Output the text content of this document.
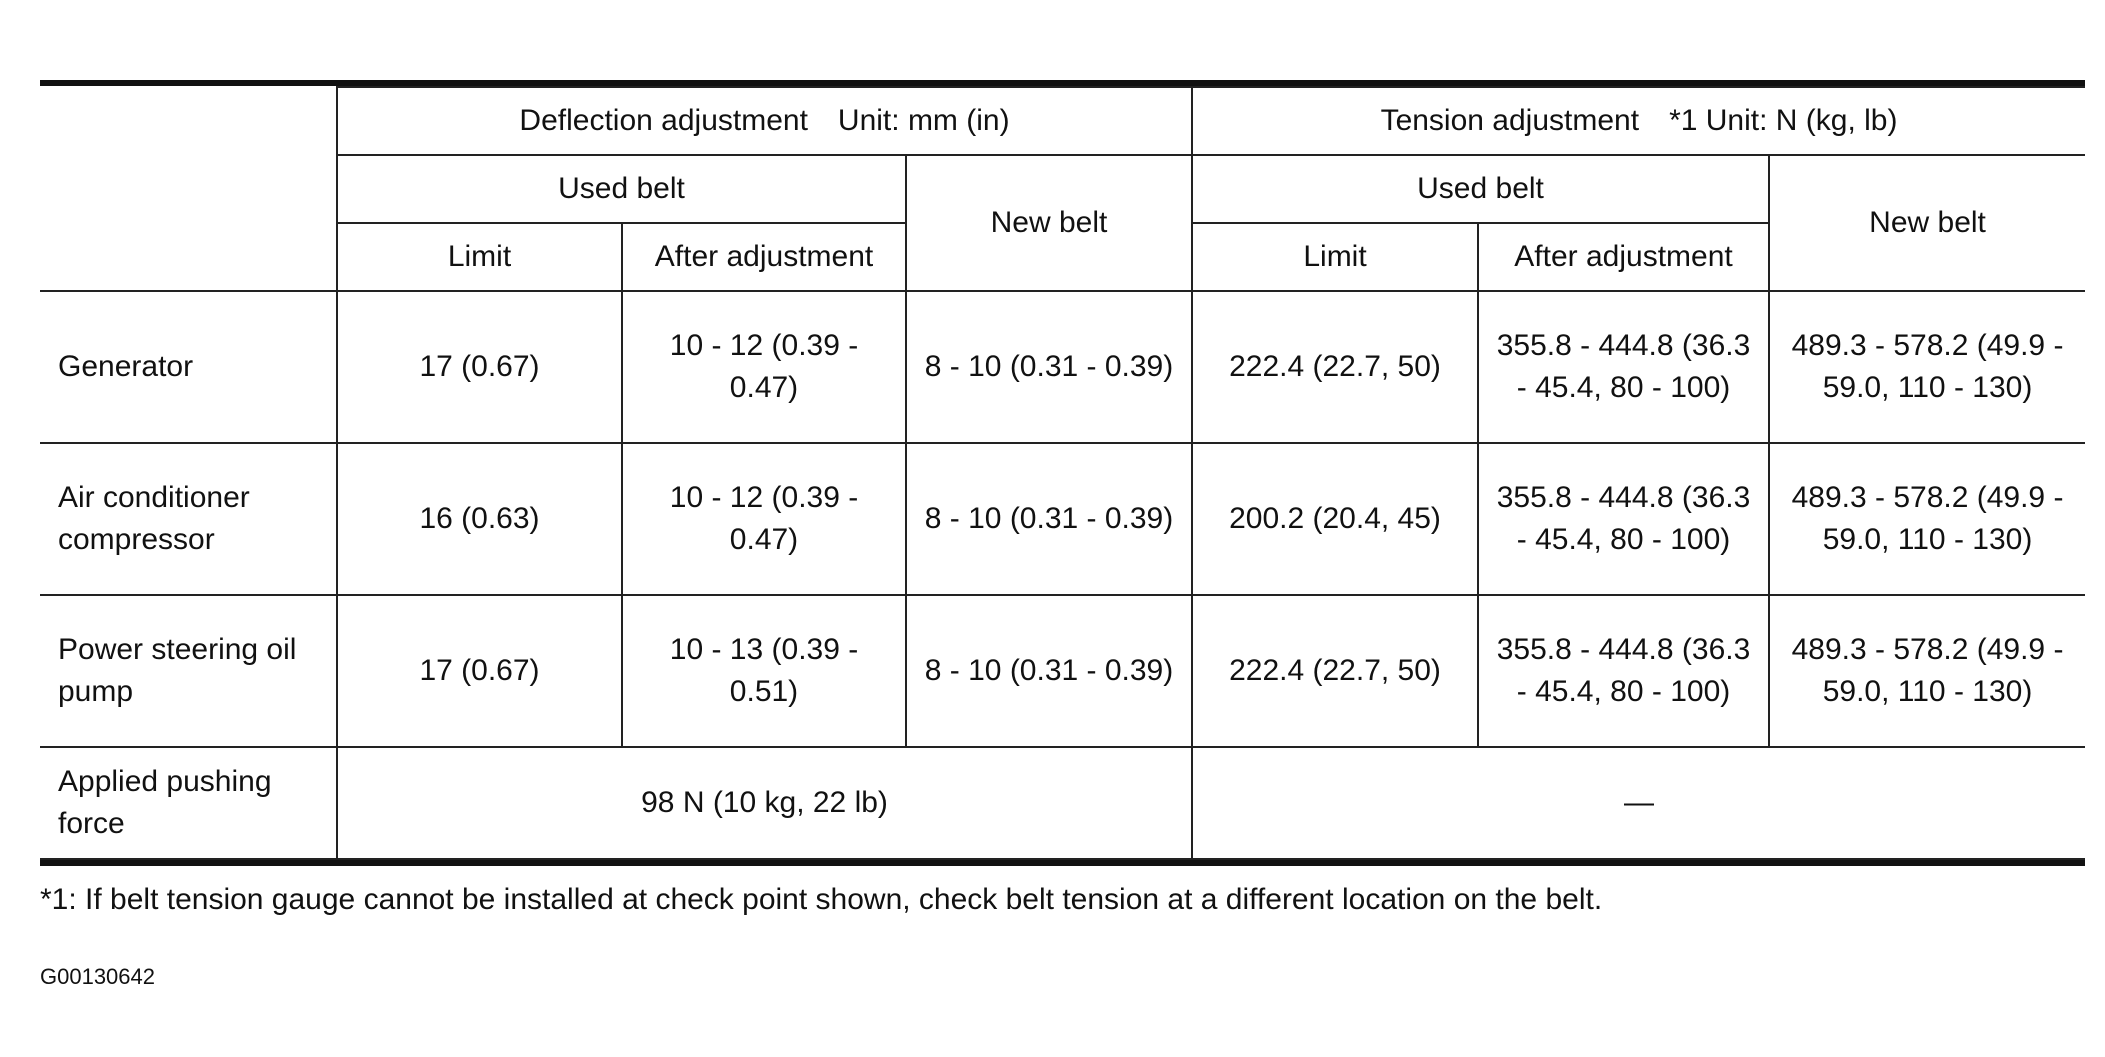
	Deflection adjustment Unit: mm (in)			Tension adjustment *1 Unit: N (kg, lb)		
	Used belt		New belt	Used belt		New belt
	Limit	After adjustment		Limit	After adjustment	
Generator	17 (0.67)	10 - 12 (0.39 - 0.47)	8 - 10 (0.31 - 0.39)	222.4 (22.7, 50)	355.8 - 444.8 (36.3 - 45.4, 80 - 100)	489.3 - 578.2 (49.9 - 59.0, 110 - 130)
Air conditioner compressor	16 (0.63)	10 - 12 (0.39 - 0.47)	8 - 10 (0.31 - 0.39)	200.2 (20.4, 45)	355.8 - 444.8 (36.3 - 45.4, 80 - 100)	489.3 - 578.2 (49.9 - 59.0, 110 - 130)
Power steering oil pump	17 (0.67)	10 - 13 (0.39 - 0.51)	8 - 10 (0.31 - 0.39)	222.4 (22.7, 50)	355.8 - 444.8 (36.3 - 45.4, 80 - 100)	489.3 - 578.2 (49.9 - 59.0, 110 - 130)
Applied pushing force	98 N (10 kg, 22 lb)			—		
*1: If belt tension gauge cannot be installed at check point shown, check belt tension at a different location on the belt.
G00130642
